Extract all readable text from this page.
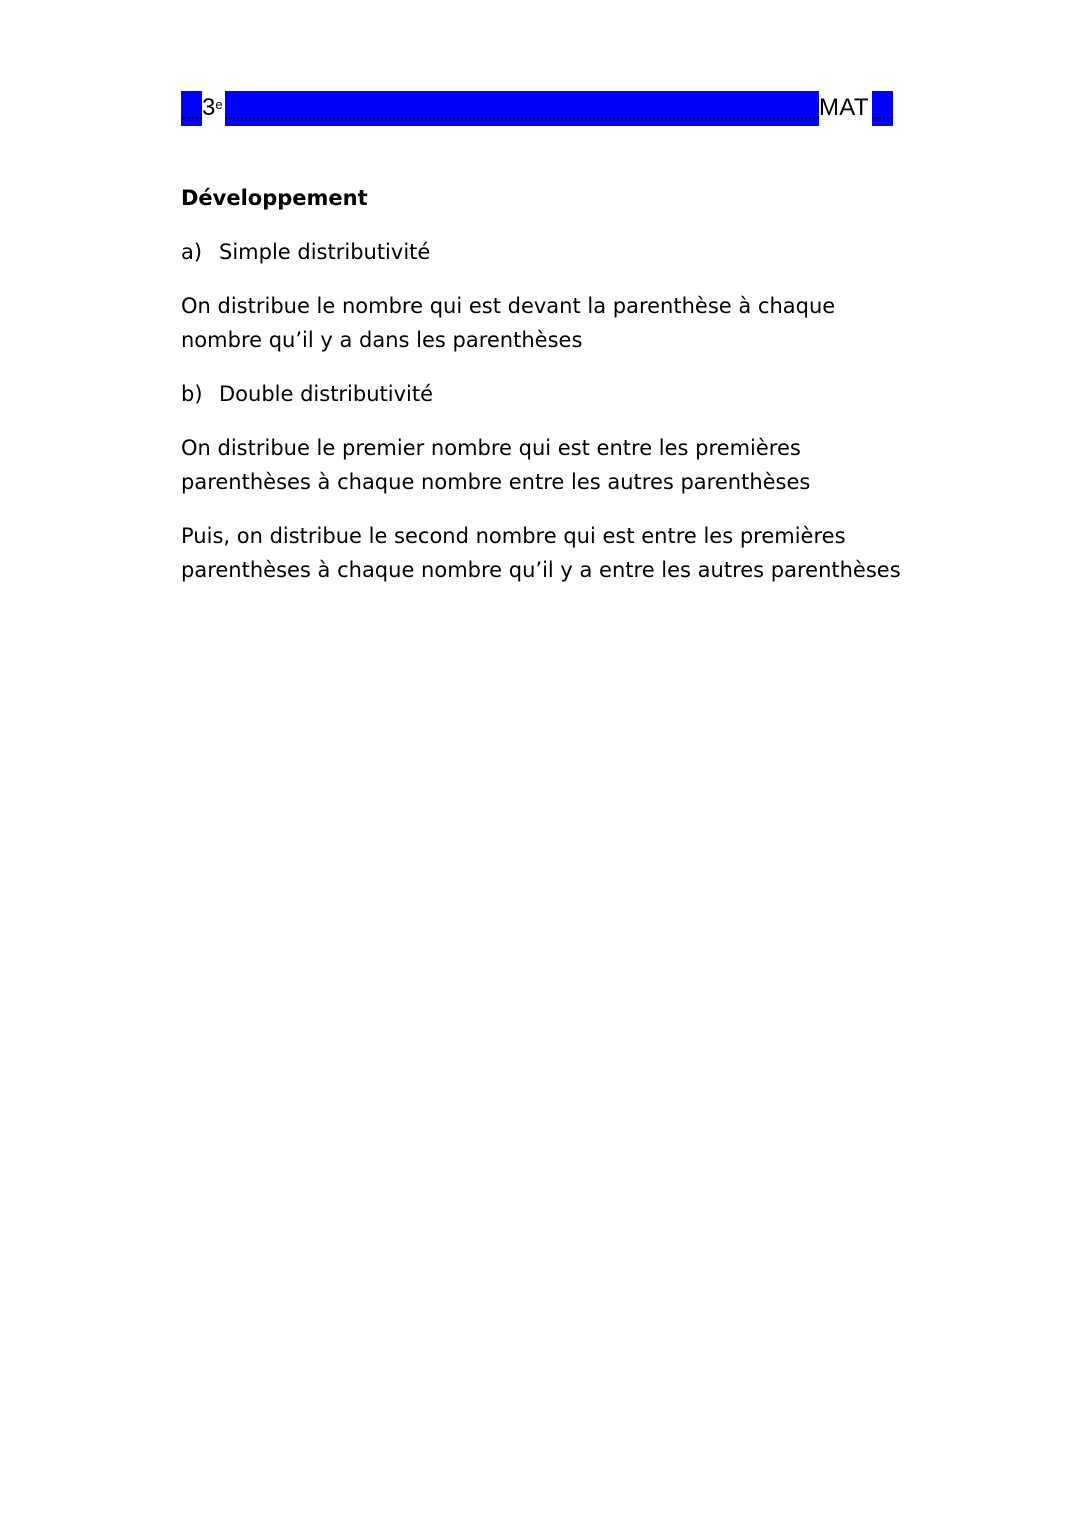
3e	MAT
Développement
a) Simple distributivité
On distribue le nombre qui est devant la parenthèse à chaque nombre qu’il y a dans les parenthèses
b) Double distributivité
On distribue le premier nombre qui est entre les premières parenthèses à chaque nombre entre les autres parenthèses
Puis, on distribue le second nombre qui est entre les premières parenthèses à chaque nombre qu’il y a entre les autres parenthèses
